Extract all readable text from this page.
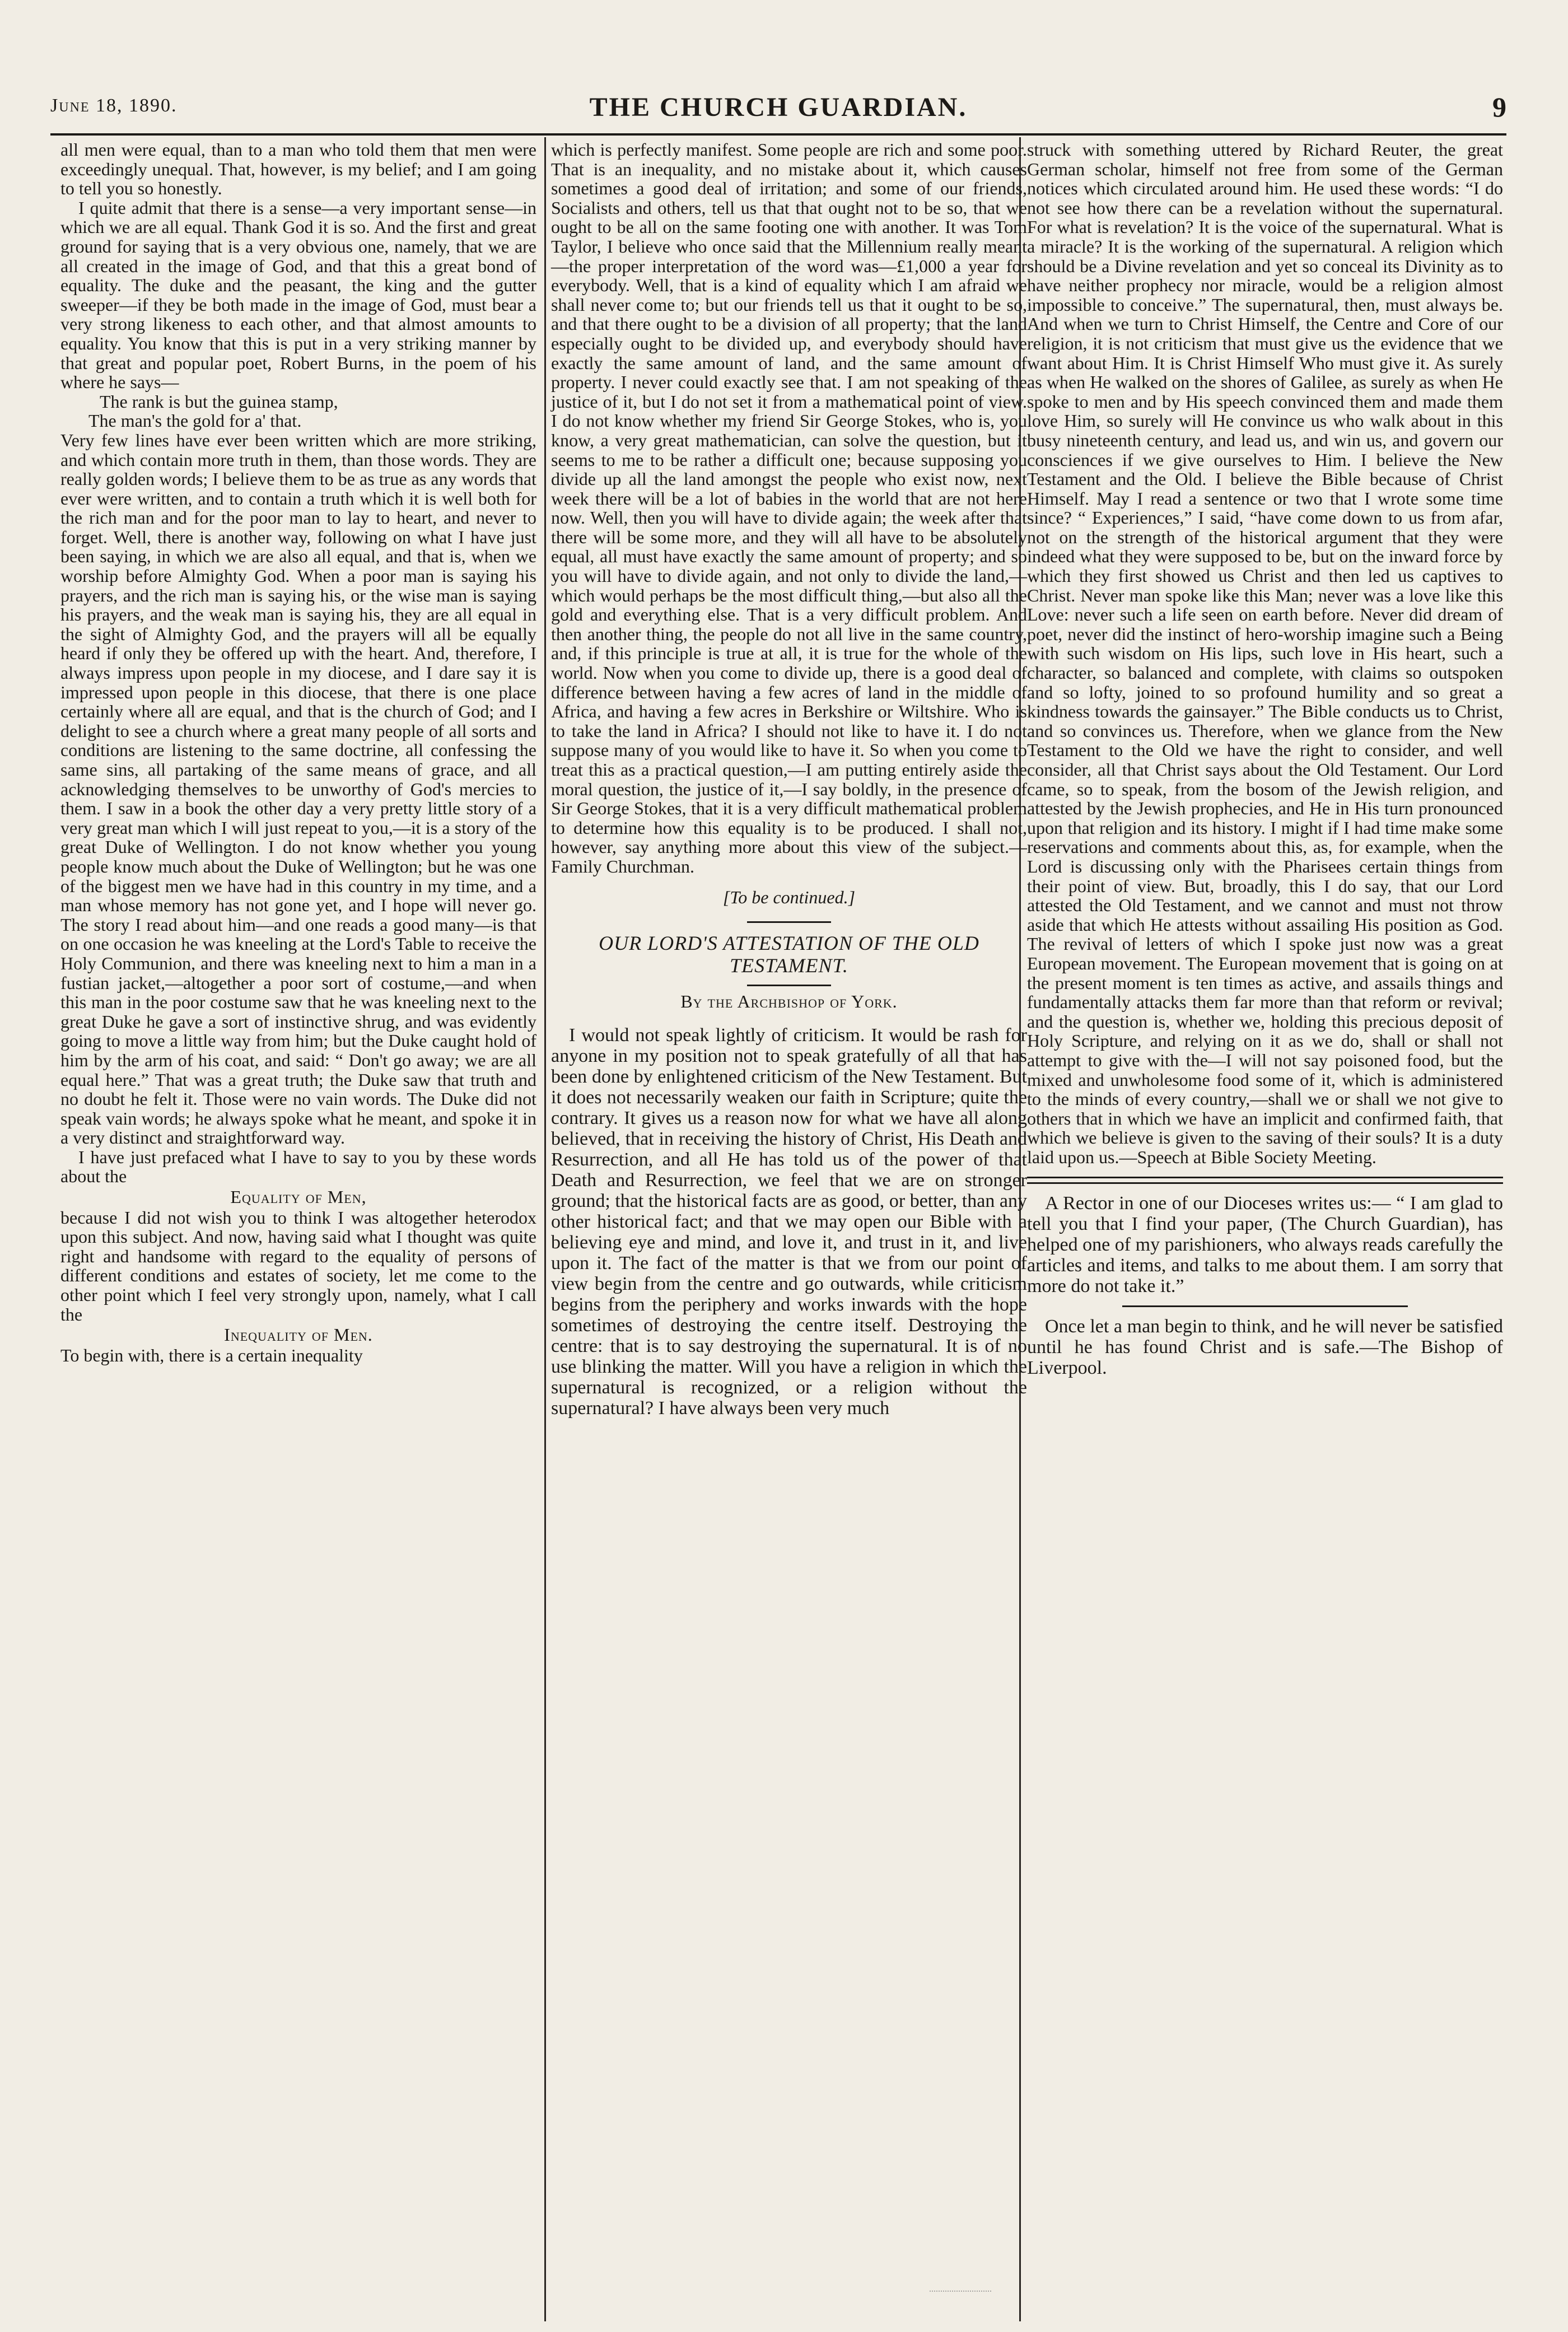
June 18, 1890.	THE CHURCH GUARDIAN.	9

all men were equal, than to a man who told them that men were exceedingly unequal. That, however, is my belief; and I am going to tell you so honestly.

I quite admit that there is a sense—a very important sense—in which we are all equal. Thank God it is so. And the first and great ground for saying that is a very obvious one, namely, that we are all created in the image of God, and that this a great bond of equality. The duke and the peasant, the king and the gutter sweeper—if they be both made in the image of God, must bear a very strong likeness to each other, and that almost amounts to equality. You know that this is put in a very striking manner by that great and popular poet, Robert Burns, in the poem of his where he says—

The rank is but the guinea stamp,

The man's the gold for a' that.

Very few lines have ever been written which are more striking, and which contain more truth in them, than those words. They are really golden words; I believe them to be as true as any words that ever were written, and to contain a truth which it is well both for the rich man and for the poor man to lay to heart, and never to forget. Well, there is another way, following on what I have just been saying, in which we are also all equal, and that is, when we worship before Almighty God. When a poor man is saying his prayers, and the rich man is saying his, or the wise man is saying his prayers, and the weak man is saying his, they are all equal in the sight of Almighty God, and the prayers will all be equally heard if only they be offered up with the heart. And, therefore, I always impress upon people in my diocese, and I dare say it is impressed upon people in this diocese, that there is one place certainly where all are equal, and that is the church of God; and I delight to see a church where a great many people of all sorts and conditions are listening to the same doctrine, all confessing the same sins, all partaking of the same means of grace, and all acknowledging themselves to be unworthy of God's mercies to them. I saw in a book the other day a very pretty little story of a very great man which I will just repeat to you,—it is a story of the great Duke of Wellington. I do not know whether you young people know much about the Duke of Wellington; but he was one of the biggest men we have had in this country in my time, and a man whose memory has not gone yet, and I hope will never go. The story I read about him—and one reads a good many—is that on one occasion he was kneeling at the Lord's Table to receive the Holy Communion, and there was kneeling next to him a man in a fustian jacket,—altogether a poor sort of costume,—and when this man in the poor costume saw that he was kneeling next to the great Duke he gave a sort of instinctive shrug, and was evidently going to move a little way from him; but the Duke caught hold of him by the arm of his coat, and said: “ Don't go away; we are all equal here.” That was a great truth; the Duke saw that truth and no doubt he felt it. Those were no vain words. The Duke did not speak vain words; he always spoke what he meant, and spoke it in a very distinct and straightforward way.

I have just prefaced what I have to say to you by these words about the

Equality of Men,

because I did not wish you to think I was altogether heterodox upon this subject. And now, having said what I thought was quite right and handsome with regard to the equality of persons of different conditions and estates of society, let me come to the other point which I feel very strongly upon, namely, what I call the

Inequality of Men.

To begin with, there is a certain inequality

which is perfectly manifest. Some people are rich and some poor. That is an inequality, and no mistake about it, which causes sometimes a good deal of irritation; and some of our friends, Socialists and others, tell us that that ought not to be so, that we ought to be all on the same footing one with another. It was Tom Taylor, I believe who once said that the Millennium really meant—the proper interpretation of the word was—£1,000 a year for everybody. Well, that is a kind of equality which I am afraid we shall never come to; but our friends tell us that it ought to be so, and that there ought to be a division of all property; that the land especially ought to be divided up, and everybody should have exactly the same amount of land, and the same amount of property. I never could exactly see that. I am not speaking of the justice of it, but I do not set it from a mathematical point of view. I do not know whether my friend Sir George Stokes, who is, you know, a very great mathematician, can solve the question, but it seems to me to be rather a difficult one; because supposing you divide up all the land amongst the people who exist now, next week there will be a lot of babies in the world that are not here now. Well, then you will have to divide again; the week after that there will be some more, and they will all have to be absolutely equal, all must have exactly the same amount of property; and so you will have to divide again, and not only to divide the land,—which would perhaps be the most difficult thing,—but also all the gold and everything else. That is a very difficult problem. And then another thing, the people do not all live in the same country, and, if this principle is true at all, it is true for the whole of the world. Now when you come to divide up, there is a good deal of difference between having a few acres of land in the middle of Africa, and having a few acres in Berkshire or Wiltshire. Who is to take the land in Africa? I should not like to have it. I do not suppose many of you would like to have it. So when you come to treat this as a practical question,—I am putting entirely aside the moral question, the justice of it,—I say boldly, in the presence of Sir George Stokes, that it is a very difficult mathematical problem to determine how this equality is to be produced. I shall not, however, say anything more about this view of the subject.—Family Churchman.

[To be continued.]

OUR LORD'S ATTESTATION OF THE OLD TESTAMENT.

By the Archbishop of York.

I would not speak lightly of criticism. It would be rash for anyone in my position not to speak gratefully of all that has been done by enlightened criticism of the New Testament. But it does not necessarily weaken our faith in Scripture; quite the contrary. It gives us a reason now for what we have all along believed, that in receiving the history of Christ, His Death and Resurrection, and all He has told us of the power of that Death and Resurrection, we feel that we are on stronger ground; that the historical facts are as good, or better, than any other historical fact; and that we may open our Bible with a believing eye and mind, and love it, and trust in it, and live upon it. The fact of the matter is that we from our point of view begin from the centre and go outwards, while criticism begins from the periphery and works inwards with the hope sometimes of destroying the centre itself. Destroying the centre: that is to say destroying the supernatural. It is of no use blinking the matter. Will you have a religion in which the supernatural is recognized, or a religion without the supernatural? I have always been very much

struck with something uttered by Richard Reuter, the great German scholar, himself not free from some of the German notices which circulated around him. He used these words: “I do not see how there can be a revelation without the supernatural. For what is revelation? It is the voice of the supernatural. What is a miracle? It is the working of the supernatural. A religion which should be a Divine revelation and yet so conceal its Divinity as to have neither prophecy nor miracle, would be a religion almost impossible to conceive.” The supernatural, then, must always be. And when we turn to Christ Himself, the Centre and Core of our religion, it is not criticism that must give us the evidence that we want about Him. It is Christ Himself Who must give it. As surely as when He walked on the shores of Galilee, as surely as when He spoke to men and by His speech convinced them and made them love Him, so surely will He convince us who walk about in this busy nineteenth century, and lead us, and win us, and govern our consciences if we give ourselves to Him. I believe the New Testament and the Old. I believe the Bible because of Christ Himself. May I read a sentence or two that I wrote some time since? “ Experiences,” I said, “have come down to us from afar, not on the strength of the historical argument that they were indeed what they were supposed to be, but on the inward force by which they first showed us Christ and then led us captives to Christ. Never man spoke like this Man; never was a love like this Love: never such a life seen on earth before. Never did dream of poet, never did the instinct of hero-worship imagine such a Being with such wisdom on His lips, such love in His heart, such a character, so balanced and complete, with claims so outspoken and so lofty, joined to so profound humility and so great a kindness towards the gainsayer.” The Bible conducts us to Christ, and so convinces us. Therefore, when we glance from the New Testament to the Old we have the right to consider, and well consider, all that Christ says about the Old Testament. Our Lord came, so to speak, from the bosom of the Jewish religion, and attested by the Jewish prophecies, and He in His turn pronounced upon that religion and its history. I might if I had time make some reservations and comments about this, as, for example, when the Lord is discussing only with the Pharisees certain things from their point of view. But, broadly, this I do say, that our Lord attested the Old Testament, and we cannot and must not throw aside that which He attests without assailing His position as God. The revival of letters of which I spoke just now was a great European movement. The European movement that is going on at the present moment is ten times as active, and assails things and fundamentally attacks them far more than that reform or revival; and the question is, whether we, holding this precious deposit of Holy Scripture, and relying on it as we do, shall or shall not attempt to give with the—I will not say poisoned food, but the mixed and unwholesome food some of it, which is administered to the minds of every country,—shall we or shall we not give to others that in which we have an implicit and confirmed faith, that which we believe is given to the saving of their souls? It is a duty laid upon us.—Speech at Bible Society Meeting.

A Rector in one of our Dioceses writes us:— “ I am glad to tell you that I find your paper, (The Church Guardian), has helped one of my parishioners, who always reads carefully the articles and items, and talks to me about them. I am sorry that more do not take it.”

Once let a man begin to think, and he will never be satisfied until he has found Christ and is safe.—The Bishop of Liverpool.
